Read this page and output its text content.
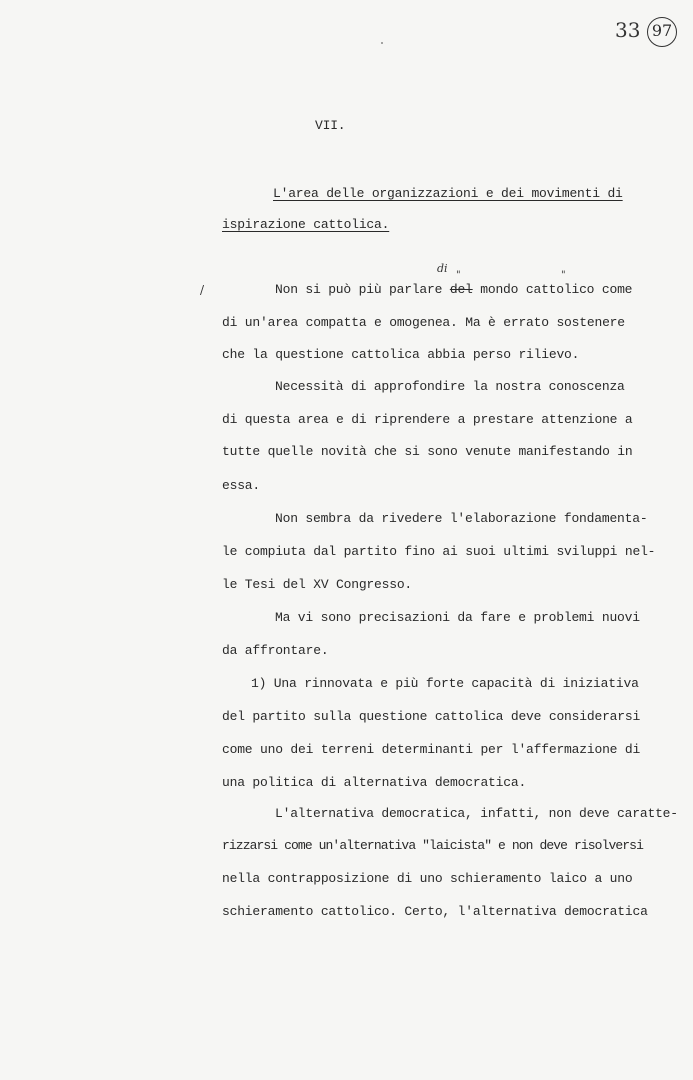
33 97
VII.
L'area delle organizzazioni e dei movimenti di
ispirazione cattolica.
di
"	"
/	Non si può più parlare del mondo cattolico come
di un'area compatta e omogenea. Ma è errato sostenere
che la questione cattolica abbia perso rilievo.
Necessità di approfondire la nostra conoscenza
di questa area e di riprendere a prestare attenzione a
tutte quelle novità che si sono venute manifestando in
essa.
Non sembra da rivedere l'elaborazione fondamenta-
le compiuta dal partito fino ai suoi ultimi sviluppi nel-
le Tesi del XV Congresso.
Ma vi sono precisazioni da fare e problemi nuovi
da affrontare.
1) Una rinnovata e più forte capacità di iniziativa
del partito sulla questione cattolica deve considerarsi
come uno dei terreni determinanti per l'affermazione di
una politica di alternativa democratica.
L'alternativa democratica, infatti, non deve caratte-
rizzarsi come un'alternativa "laicista" e non deve risolversi
nella contrapposizione di uno schieramento laico a uno
schieramento cattolico. Certo, l'alternativa democratica
